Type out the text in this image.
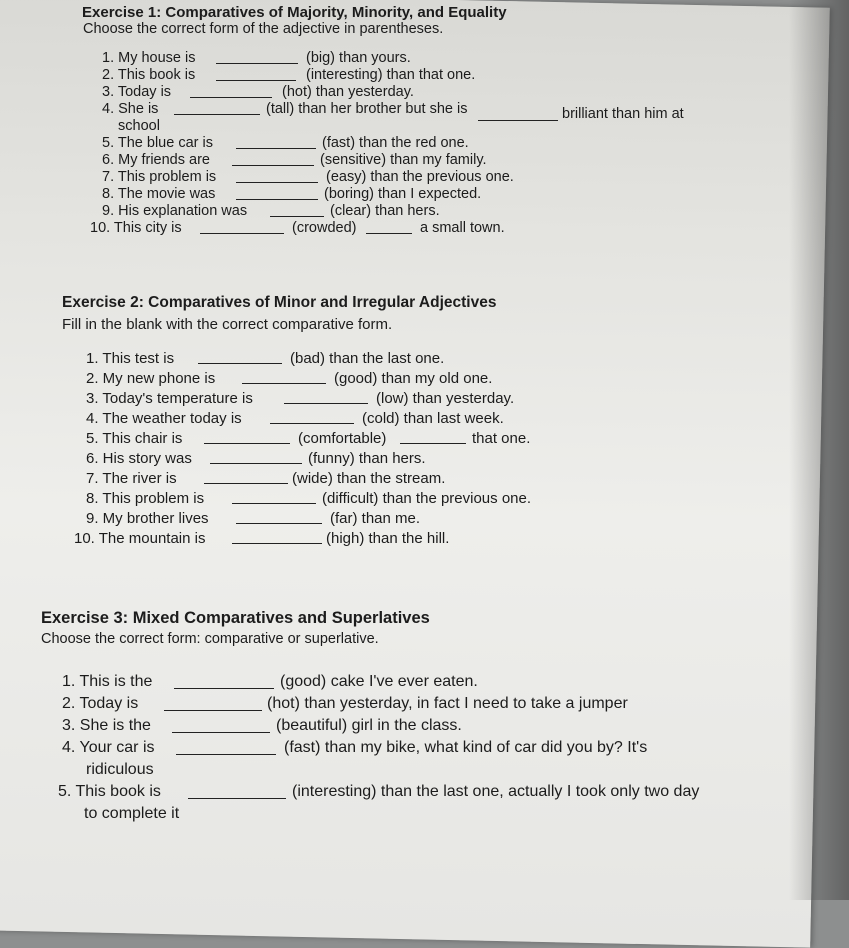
Exercise 1: Comparatives of Majority, Minority, and Equality
Choose the correct form of the adjective in parentheses.
1. My house is	(big) than yours.
2. This book is	(interesting) than that one.
3. Today is	(hot) than yesterday.
4. She is	(tall) than her brother but she is	brilliant than him at
school
5. The blue car is	(fast) than the red one.
6. My friends are	(sensitive) than my family.
7. This problem is	(easy) than the previous one.
8. The movie was	(boring) than I expected.
9. His explanation was	(clear) than hers.
10. This city is	(crowded)	a small town.
Exercise 2: Comparatives of Minor and Irregular Adjectives
Fill in the blank with the correct comparative form.
1. This test is	(bad) than the last one.
2. My new phone is	(good) than my old one.
3. Today's temperature is	(low) than yesterday.
4. The weather today is	(cold) than last week.
5. This chair is	(comfortable)	that one.
6. His story was	(funny) than hers.
7. The river is	(wide) than the stream.
8. This problem is	(difficult) than the previous one.
9. My brother lives	(far) than me.
10. The mountain is	(high) than the hill.
Exercise 3: Mixed Comparatives and Superlatives
Choose the correct form: comparative or superlative.
1. This is the	(good) cake I've ever eaten.
2. Today is	(hot) than yesterday, in fact I need to take a jumper
3. She is the	(beautiful) girl in the class.
4. Your car is	(fast) than my bike, what kind of car did you by? It's
ridiculous
5. This book is	(interesting) than the last one, actually I took only two day
to complete it
